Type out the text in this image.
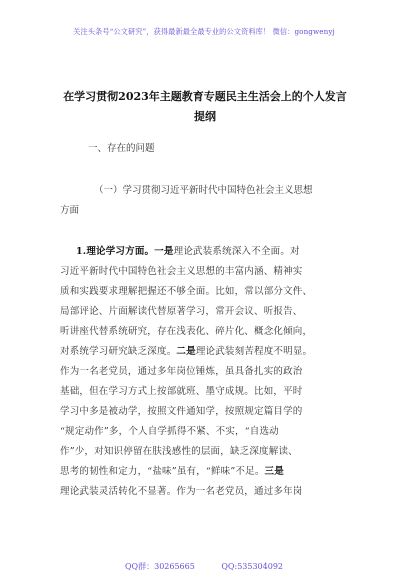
关注头条号“公文研究”，获得最新最全最专业的公文资料库！ 微信：gongwenyj
在学习贯彻2023年主题教育专题民主生活会上的个人发言
提纲
一、存在的问题
（一）学习贯彻习近平新时代中国特色社会主义思想
方面
1.理论学习方面。一是理论武装系统深入不全面。对
习近平新时代中国特色社会主义思想的丰富内涵、精神实
质和实践要求理解把握还不够全面。比如，常以部分文件、
局部评论、片面解读代替原著学习，常开会议、听报告、
听讲座代替系统研究，存在浅表化、碎片化、概念化倾向，
对系统学习研究缺乏深度。二是理论武装刻苦程度不明显。
作为一名老党员，通过多年岗位锤炼，虽具备扎实的政治
基础，但在学习方式上按部就班、墨守成规。比如，平时
学习中多是被动学，按照文件通知学，按照规定篇目学的
“规定动作”多，个人自学抓得不紧、不实，“自选动
作”少，对知识停留在肤浅感性的层面，缺乏深度解读、
思考的韧性和定力，“盐味”虽有，“鲜味”不足。三是
理论武装灵活转化不显著。作为一名老党员，通过多年岗
QQ群：30265665	QQ:535304092
